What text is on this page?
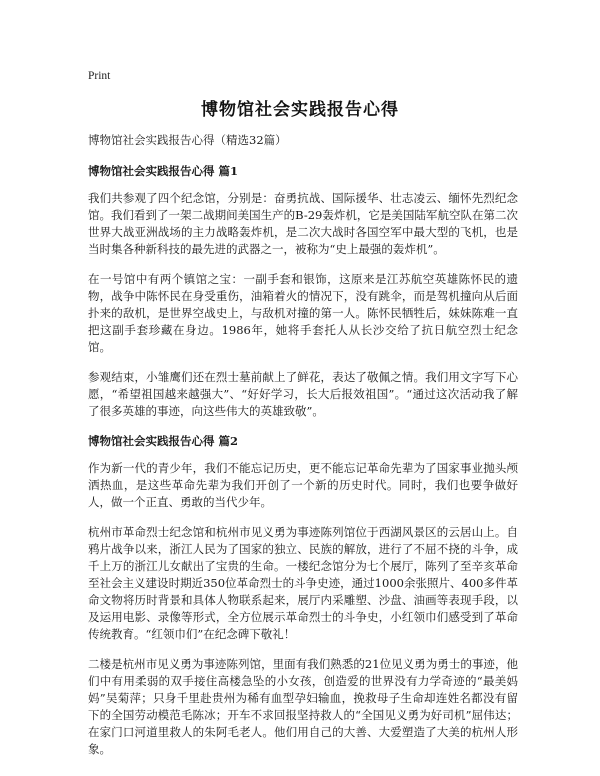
Print
博物馆社会实践报告心得

博物馆社会实践报告心得（精选32篇）

博物馆社会实践报告心得 篇1

我们共参观了四个纪念馆，分别是：奋勇抗战、国际援华、壮志凌云、缅怀先烈纪念馆。我们看到了一架二战期间美国生产的B-29轰炸机，它是美国陆军航空队在第二次世界大战亚洲战场的主力战略轰炸机，是二次大战时各国空军中最大型的飞机，也是当时集各种新科技的最先进的武器之一，被称为“史上最强的轰炸机”。

在一号馆中有两个镇馆之宝：一副手套和银饰，这原来是江苏航空英雄陈怀民的遗物，战争中陈怀民在身受重伤，油箱着火的情况下，没有跳伞，而是驾机撞向从后面扑来的敌机，是世界空战史上，与敌机对撞的第一人。陈怀民牺牲后，妹妹陈难一直把这副手套珍藏在身边。1986年，她将手套托人从长沙交给了抗日航空烈士纪念馆。

参观结束，小雏鹰们还在烈士墓前献上了鲜花，表达了敬佩之情。我们用文字写下心愿，“希望祖国越来越强大”、“好好学习，长大后报效祖国”。“通过这次活动我了解了很多英雄的事迹，向这些伟大的英雄致敬”。

博物馆社会实践报告心得 篇2

作为新一代的青少年，我们不能忘记历史，更不能忘记革命先辈为了国家事业抛头颅洒热血，是这些革命先辈为我们开创了一个新的历史时代。同时，我们也要争做好人，做一个正直、勇敢的当代少年。

杭州市革命烈士纪念馆和杭州市见义勇为事迹陈列馆位于西湖风景区的云居山上。自鸦片战争以来，浙江人民为了国家的独立、民族的解放，进行了不屈不挠的斗争，成千上万的浙江儿女献出了宝贵的生命。一楼纪念馆分为七个展厅，陈列了至辛亥革命至社会主义建设时期近350位革命烈士的斗争史迹，通过1000余张照片、400多件革命文物将历时背景和具体人物联系起来，展厅内采雕塑、沙盘、油画等表现手段，以及运用电影、录像等形式，全方位展示革命烈士的斗争史，小红领巾们感受到了革命传统教育。“红领巾们”在纪念碑下敬礼！

二楼是杭州市见义勇为事迹陈列馆，里面有我们熟悉的21位见义勇为勇士的事迹，他们中有用柔弱的双手接住高楼急坠的小女孩，创造爱的世界没有力学奇迹的“最美妈妈”吴菊萍；只身千里赴贵州为稀有血型孕妇输血，挽救母子生命却连姓名都没有留下的全国劳动模范毛陈冰；开车不求回报坚持救人的“全国见义勇为好司机”屈伟达；在家门口河道里救人的朱阿毛老人。他们用自己的大善、大爱塑造了大美的杭州人形象。
